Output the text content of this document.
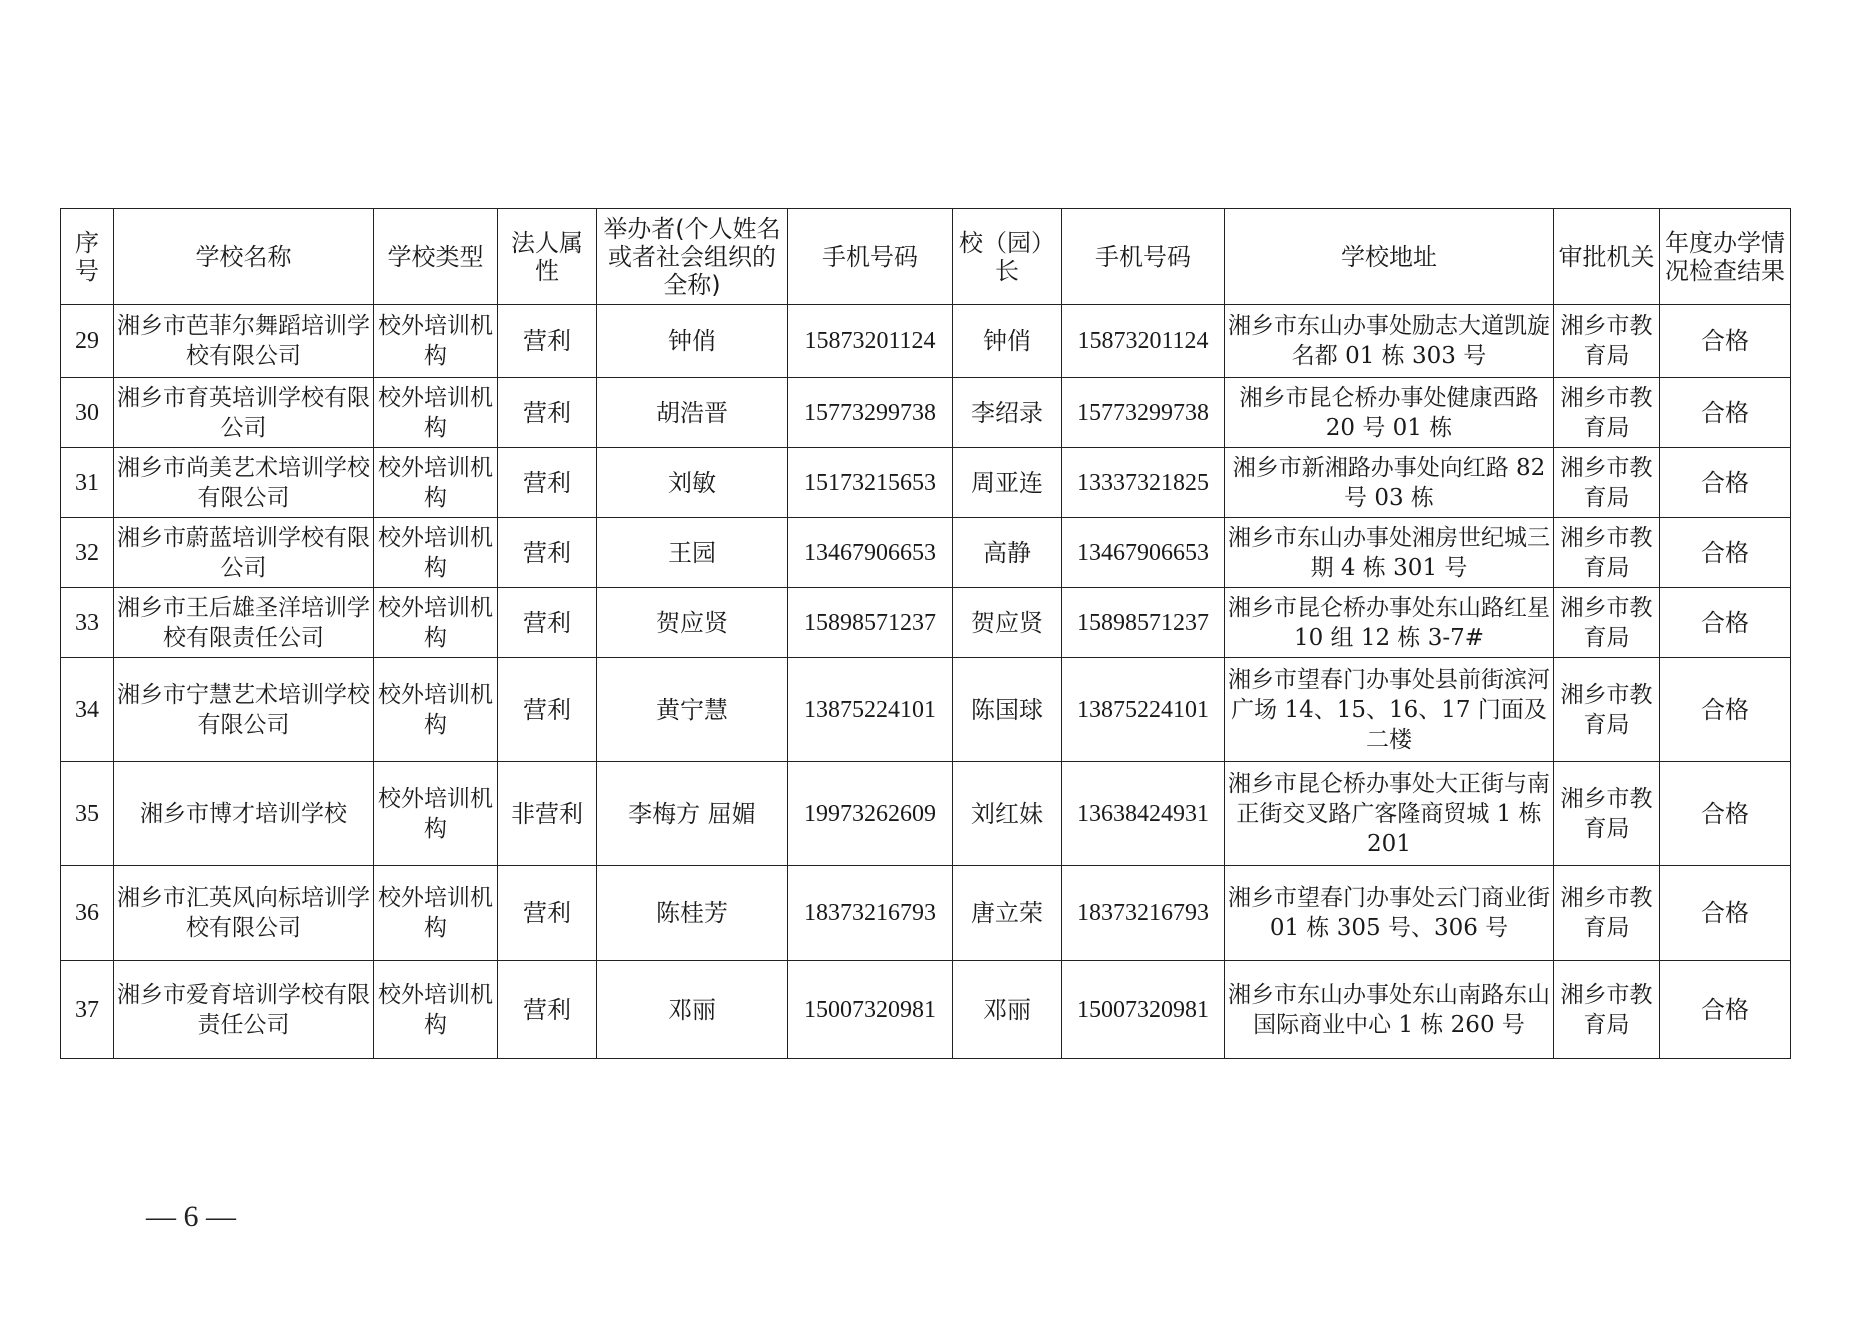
序号	学校名称	学校类型	法人属性	举办者(个人姓名或者社会组织的全称)	手机号码	校（园）长	手机号码	学校地址	审批机关	年度办学情况检查结果
29	湘乡市芭菲尔舞蹈培训学校有限公司	校外培训机构	营利	钟俏	15873201124	钟俏	15873201124	湘乡市东山办事处励志大道凯旋名都 01 栋 303 号	湘乡市教育局	合格
30	湘乡市育英培训学校有限公司	校外培训机构	营利	胡浩晋	15773299738	李绍录	15773299738	湘乡市昆仑桥办事处健康西路 20 号 01 栋	湘乡市教育局	合格
31	湘乡市尚美艺术培训学校有限公司	校外培训机构	营利	刘敏	15173215653	周亚连	13337321825	湘乡市新湘路办事处向红路 82 号 03 栋	湘乡市教育局	合格
32	湘乡市蔚蓝培训学校有限公司	校外培训机构	营利	王园	13467906653	高静	13467906653	湘乡市东山办事处湘房世纪城三期 4 栋 301 号	湘乡市教育局	合格
33	湘乡市王后雄圣洋培训学校有限责任公司	校外培训机构	营利	贺应贤	15898571237	贺应贤	15898571237	湘乡市昆仑桥办事处东山路红星 10 组 12 栋 3-7#	湘乡市教育局	合格
34	湘乡市宁慧艺术培训学校有限公司	校外培训机构	营利	黄宁慧	13875224101	陈国球	13875224101	湘乡市望春门办事处县前街滨河广场 14、15、16、17 门面及二楼	湘乡市教育局	合格
35	湘乡市博才培训学校	校外培训机构	非营利	李梅方 屈媚	19973262609	刘红妹	13638424931	湘乡市昆仑桥办事处大正街与南正街交叉路广客隆商贸城 1 栋 201	湘乡市教育局	合格
36	湘乡市汇英风向标培训学校有限公司	校外培训机构	营利	陈桂芳	18373216793	唐立荣	18373216793	湘乡市望春门办事处云门商业街 01 栋 305 号、306 号	湘乡市教育局	合格
37	湘乡市爱育培训学校有限责任公司	校外培训机构	营利	邓丽	15007320981	邓丽	15007320981	湘乡市东山办事处东山南路东山国际商业中心 1 栋 260 号	湘乡市教育局	合格
— 6 —
